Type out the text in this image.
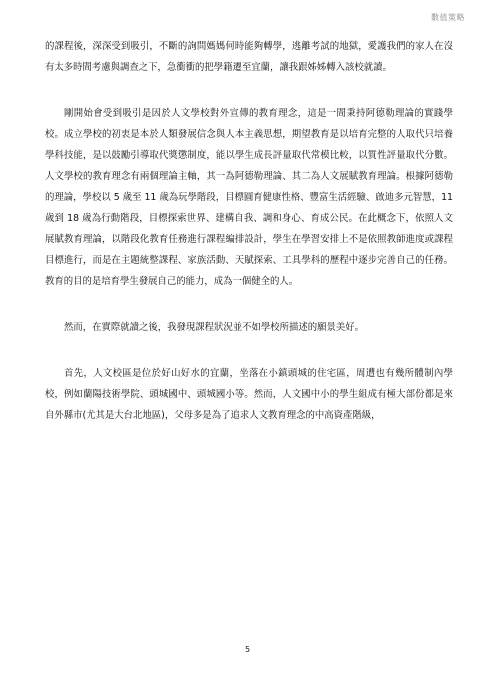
數值策略

的課程後，深深受到吸引，不斷的詢問媽媽何時能夠轉學，逃離考試的地獄，愛護我們的家人在沒有太多時間考慮與調查之下，急衝衝的把學籍遷至宜蘭，讓我跟姊姊轉入該校就讀。

剛開始會受到吸引是因於人文學校對外宣傳的教育理念，這是一間秉持阿德勒理論的實踐學校。成立學校的初衷是本於人類發展信念與人本主義思想，期望教育是以培育完整的人取代只培養學科技能，是以鼓勵引導取代獎懲制度，能以學生成長評量取代常模比較，以質性評量取代分數。人文學校的教育理念有兩個理論主軸，其一為阿德勒理論、其二為人文展賦教育理論。根據阿德勒的理論，學校以 5 歲至 11 歲為玩學階段，目標圓育健康性格、豐富生活經驗、啟迪多元智慧，11 歲到 18 歲為行動階段，目標探索世界、建構自我、調和身心、育成公民。在此概念下，依照人文展賦教育理論，以階段化教育任務進行課程編排設計，學生在學習安排上不是依照教師進度或課程目標進行，而是在主題統整課程、家族活動、天賦探索、工具學科的歷程中逐步完善自己的任務。教育的目的是培育學生發展自己的能力，成為一個健全的人。

然而，在實際就讀之後，我發現課程狀況並不如學校所描述的願景美好。

首先，人文校區是位於好山好水的宜蘭，坐落在小鎮頭城的住宅區，周遭也有幾所體制內學校，例如蘭陽技術學院、頭城國中、頭城國小等。然而，人文國中小的學生組成有極大部份都是來自外縣市(尤其是大台北地區)，父母多是為了追求人文教育理念的中高資產階級，

5
